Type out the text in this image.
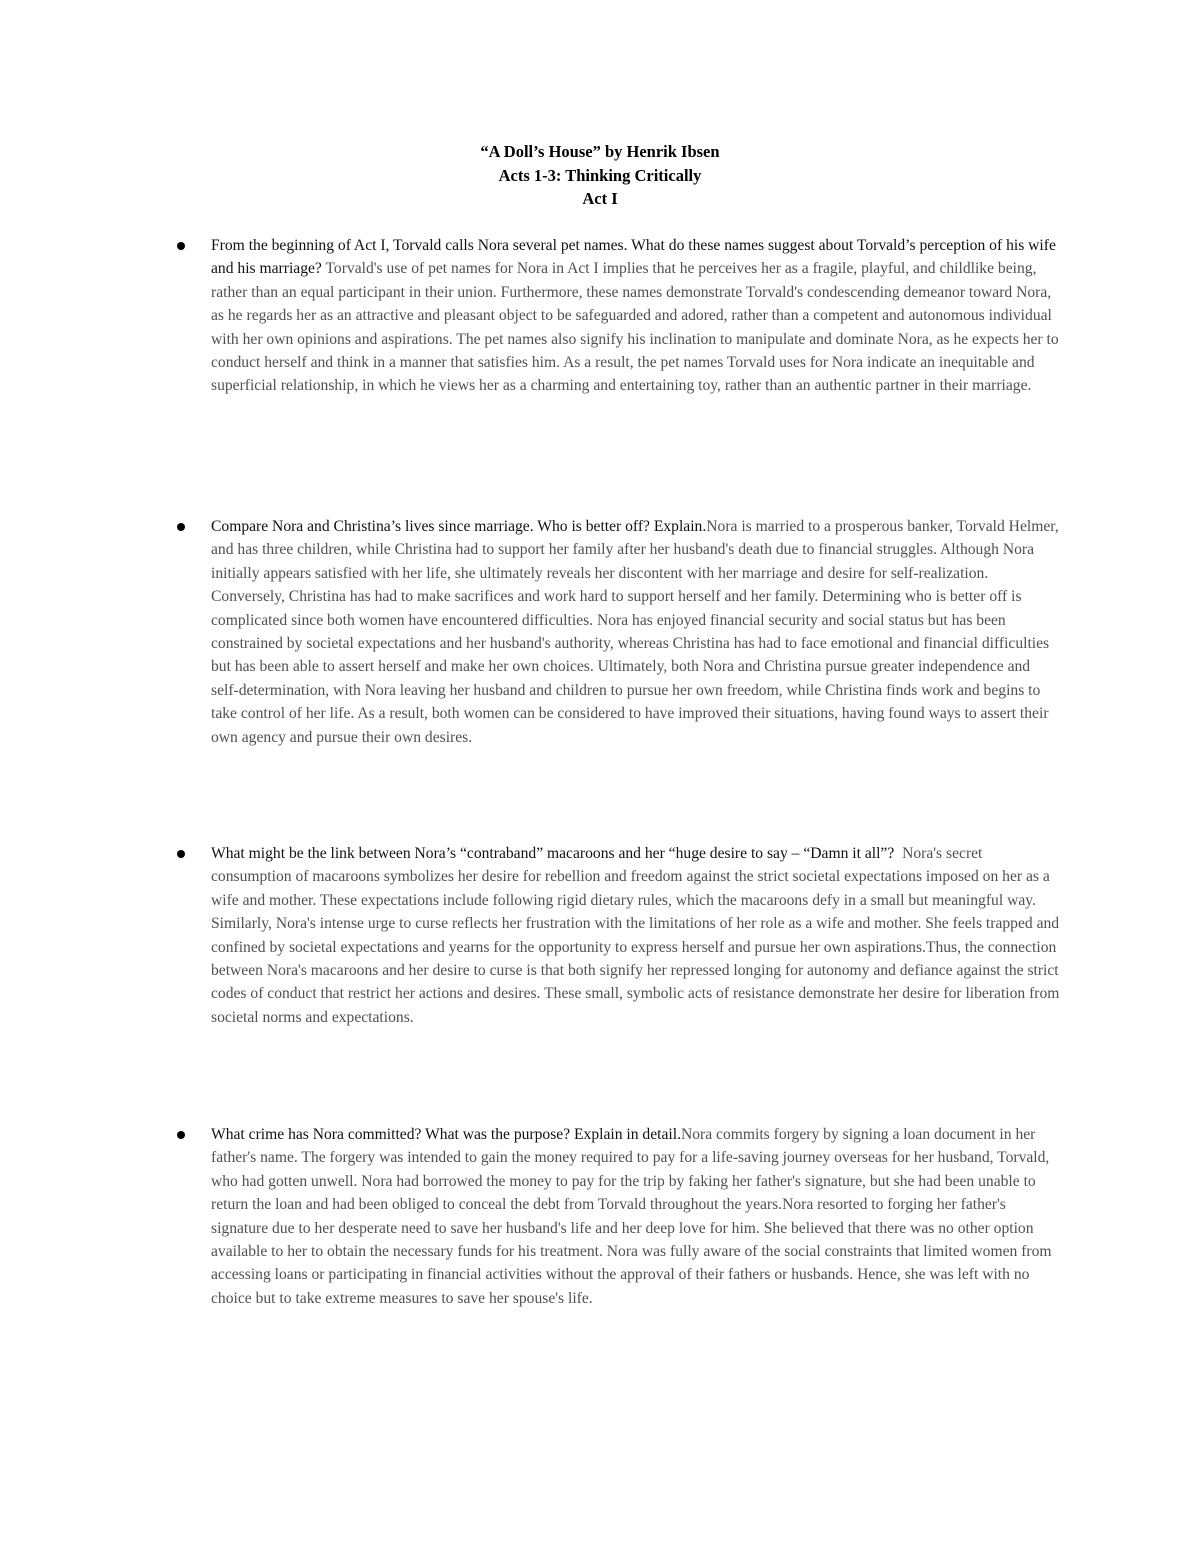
“A Doll’s House” by Henrik Ibsen
Acts 1-3: Thinking Critically
Act I
From the beginning of Act I, Torvald calls Nora several pet names. What do these names suggest about Torvald’s perception of his wife and his marriage? Torvald's use of pet names for Nora in Act I implies that he perceives her as a fragile, playful, and childlike being, rather than an equal participant in their union. Furthermore, these names demonstrate Torvald's condescending demeanor toward Nora, as he regards her as an attractive and pleasant object to be safeguarded and adored, rather than a competent and autonomous individual with her own opinions and aspirations. The pet names also signify his inclination to manipulate and dominate Nora, as he expects her to conduct herself and think in a manner that satisfies him. As a result, the pet names Torvald uses for Nora indicate an inequitable and superficial relationship, in which he views her as a charming and entertaining toy, rather than an authentic partner in their marriage.
Compare Nora and Christina’s lives since marriage. Who is better off? Explain.Nora is married to a prosperous banker, Torvald Helmer, and has three children, while Christina had to support her family after her husband's death due to financial struggles. Although Nora initially appears satisfied with her life, she ultimately reveals her discontent with her marriage and desire for self-realization. Conversely, Christina has had to make sacrifices and work hard to support herself and her family. Determining who is better off is complicated since both women have encountered difficulties. Nora has enjoyed financial security and social status but has been constrained by societal expectations and her husband's authority, whereas Christina has had to face emotional and financial difficulties but has been able to assert herself and make her own choices. Ultimately, both Nora and Christina pursue greater independence and self-determination, with Nora leaving her husband and children to pursue her own freedom, while Christina finds work and begins to take control of her life. As a result, both women can be considered to have improved their situations, having found ways to assert their own agency and pursue their own desires.
What might be the link between Nora’s “contraband” macaroons and her “huge desire to say – “Damn it all”? Nora's secret consumption of macaroons symbolizes her desire for rebellion and freedom against the strict societal expectations imposed on her as a wife and mother. These expectations include following rigid dietary rules, which the macaroons defy in a small but meaningful way. Similarly, Nora's intense urge to curse reflects her frustration with the limitations of her role as a wife and mother. She feels trapped and confined by societal expectations and yearns for the opportunity to express herself and pursue her own aspirations.Thus, the connection between Nora's macaroons and her desire to curse is that both signify her repressed longing for autonomy and defiance against the strict codes of conduct that restrict her actions and desires. These small, symbolic acts of resistance demonstrate her desire for liberation from societal norms and expectations.
What crime has Nora committed? What was the purpose? Explain in detail.Nora commits forgery by signing a loan document in her father's name. The forgery was intended to gain the money required to pay for a life-saving journey overseas for her husband, Torvald, who had gotten unwell. Nora had borrowed the money to pay for the trip by faking her father's signature, but she had been unable to return the loan and had been obliged to conceal the debt from Torvald throughout the years.Nora resorted to forging her father's signature due to her desperate need to save her husband's life and her deep love for him. She believed that there was no other option available to her to obtain the necessary funds for his treatment. Nora was fully aware of the social constraints that limited women from accessing loans or participating in financial activities without the approval of their fathers or husbands. Hence, she was left with no choice but to take extreme measures to save her spouse's life.
